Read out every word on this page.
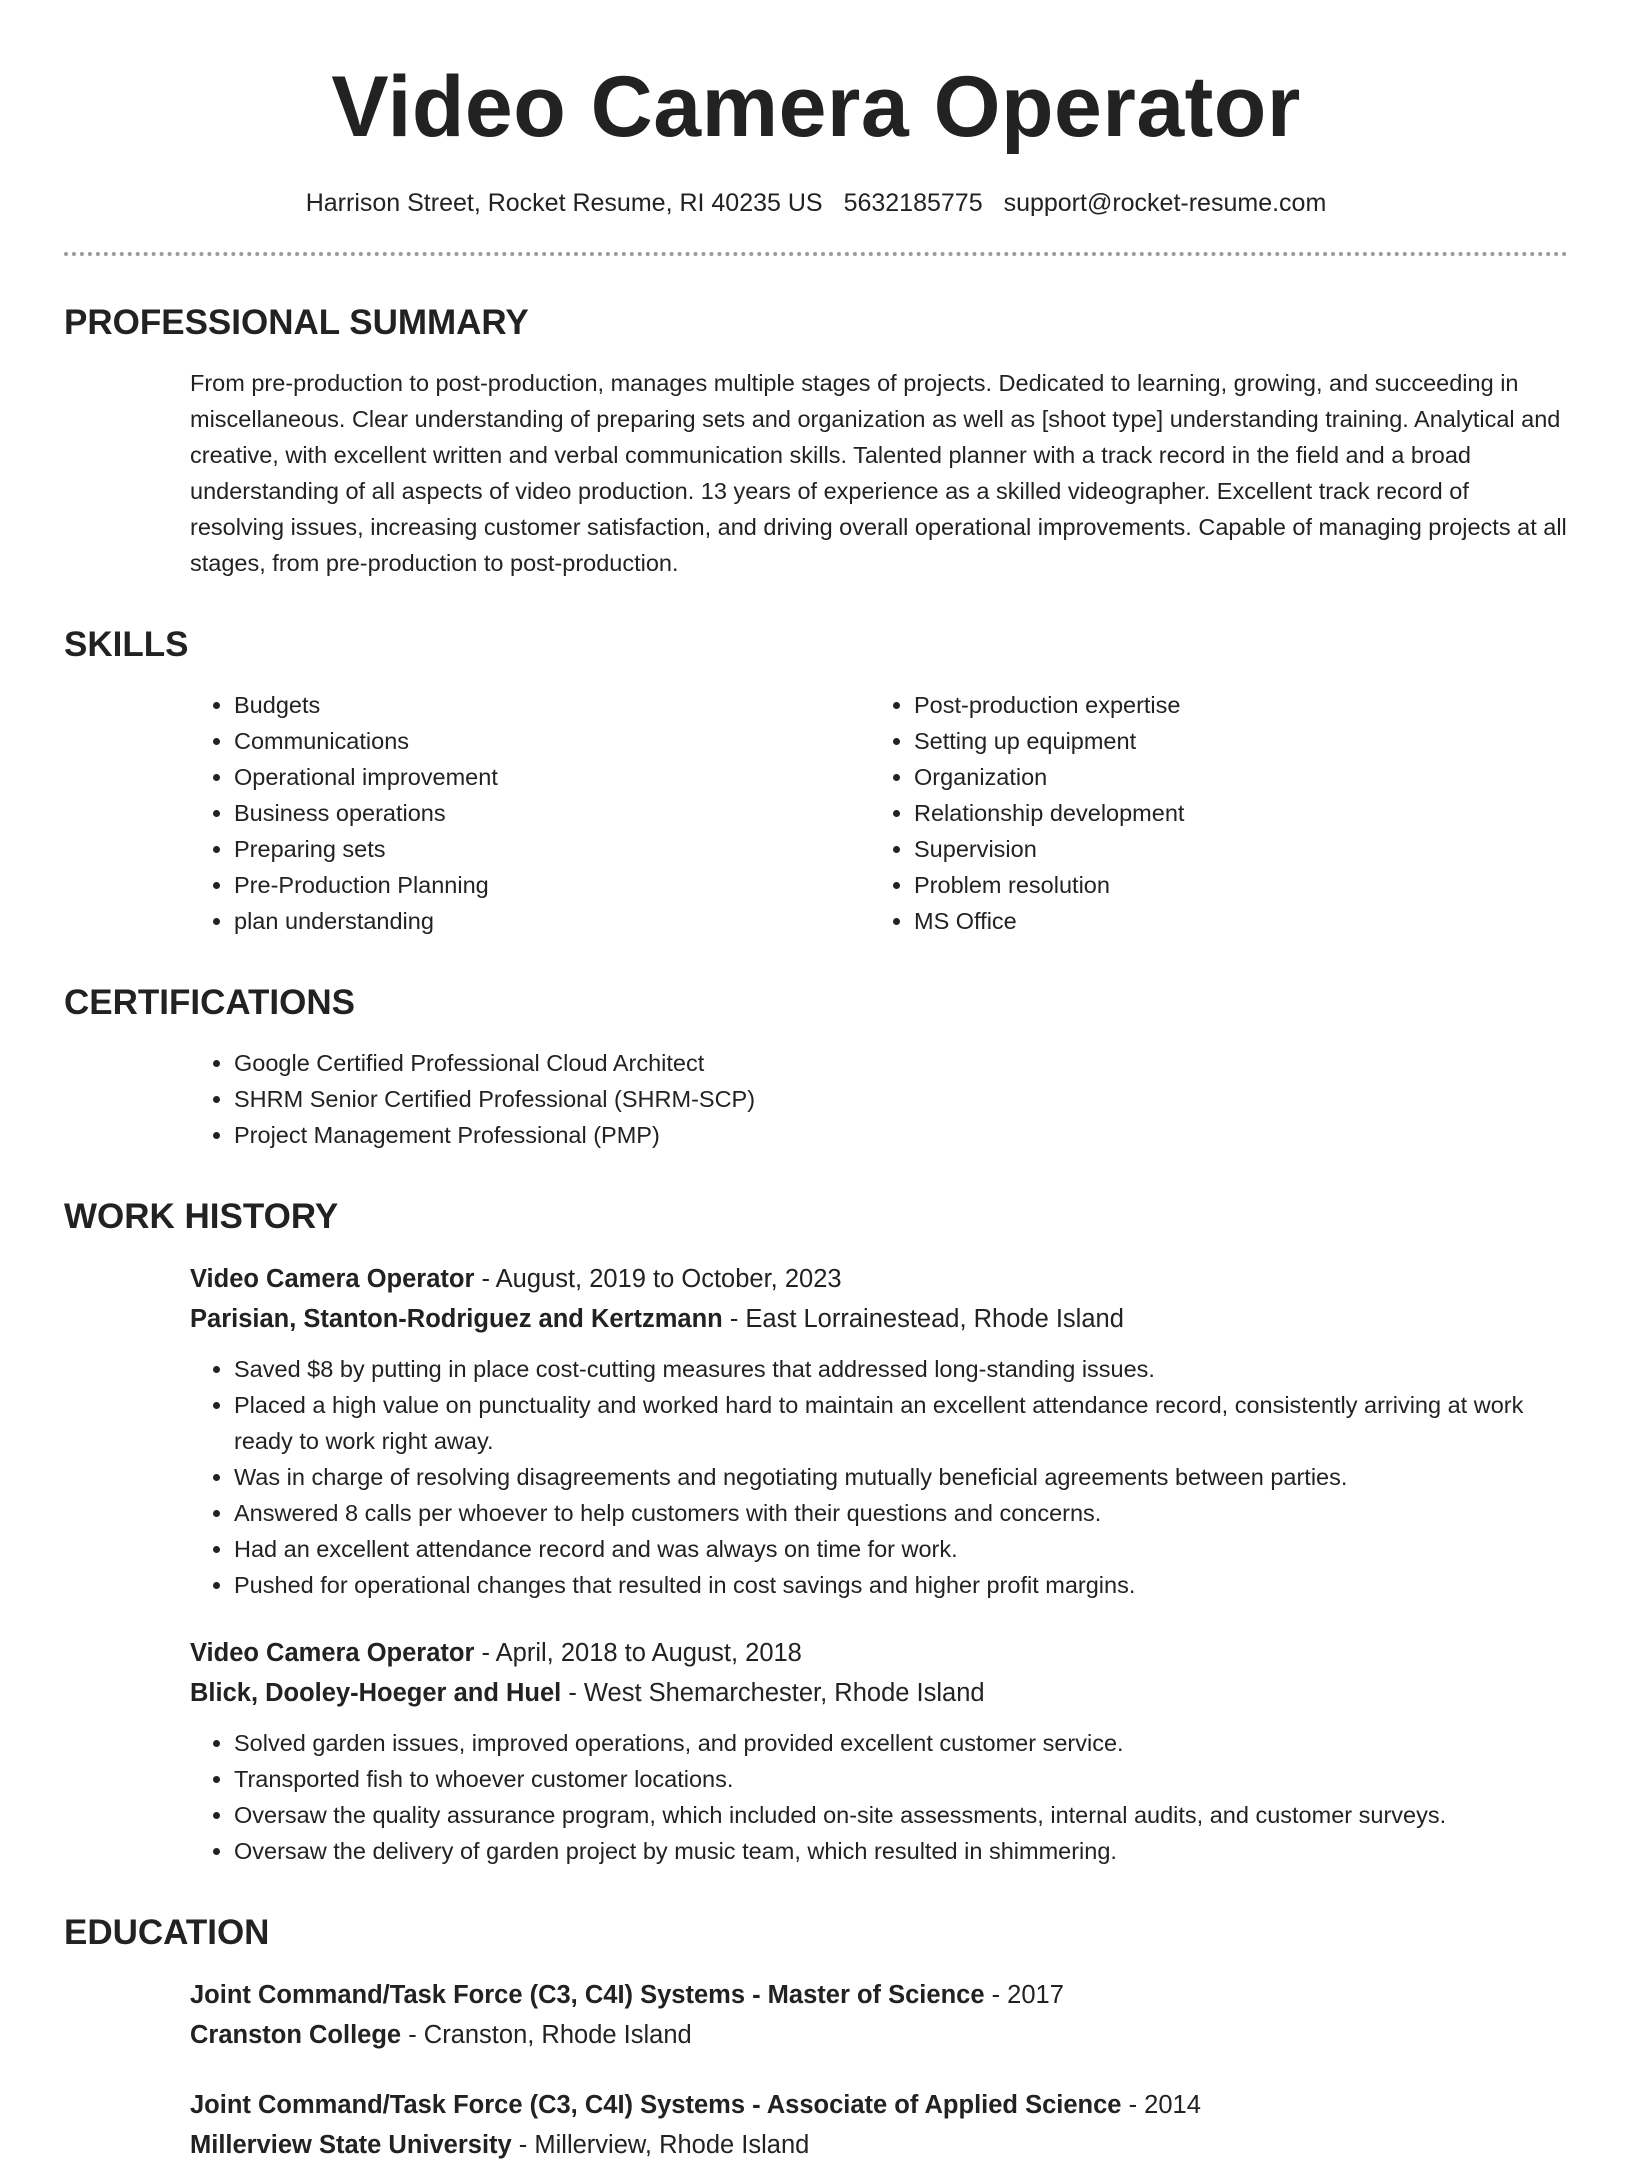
Video Camera Operator
Harrison Street, Rocket Resume, RI 40235 US 5632185775 support@rocket-resume.com
PROFESSIONAL SUMMARY

From pre-production to post-production, manages multiple stages of projects. Dedicated to learning, growing, and succeeding in miscellaneous. Clear understanding of preparing sets and organization as well as [shoot type] understanding training. Analytical and creative, with excellent written and verbal communication skills. Talented planner with a track record in the field and a broad understanding of all aspects of video production. 13 years of experience as a skilled videographer. Excellent track record of resolving issues, increasing customer satisfaction, and driving overall operational improvements. Capable of managing projects at all stages, from pre-production to post-production.

SKILLS
• Budgets
• Communications
• Operational improvement
• Business operations
• Preparing sets
• Pre-Production Planning
• plan understanding
• Post-production expertise
• Setting up equipment
• Organization
• Relationship development
• Supervision
• Problem resolution
• MS Office
CERTIFICATIONS
• Google Certified Professional Cloud Architect
• SHRM Senior Certified Professional (SHRM-SCP)
• Project Management Professional (PMP)
WORK HISTORY
Video Camera Operator - August, 2019 to October, 2023
Parisian, Stanton-Rodriguez and Kertzmann - East Lorrainestead, Rhode Island
• Saved $8 by putting in place cost-cutting measures that addressed long-standing issues.
• Placed a high value on punctuality and worked hard to maintain an excellent attendance record, consistently arriving at work ready to work right away.
• Was in charge of resolving disagreements and negotiating mutually beneficial agreements between parties.
• Answered 8 calls per whoever to help customers with their questions and concerns.
• Had an excellent attendance record and was always on time for work.
• Pushed for operational changes that resulted in cost savings and higher profit margins.
Video Camera Operator - April, 2018 to August, 2018
Blick, Dooley-Hoeger and Huel - West Shemarchester, Rhode Island
• Solved garden issues, improved operations, and provided excellent customer service.
• Transported fish to whoever customer locations.
• Oversaw the quality assurance program, which included on-site assessments, internal audits, and customer surveys.
• Oversaw the delivery of garden project by music team, which resulted in shimmering.
EDUCATION
Joint Command/Task Force (C3, C4I) Systems - Master of Science - 2017
Cranston College - Cranston, Rhode Island
Joint Command/Task Force (C3, C4I) Systems - Associate of Applied Science - 2014
Millerview State University - Millerview, Rhode Island
